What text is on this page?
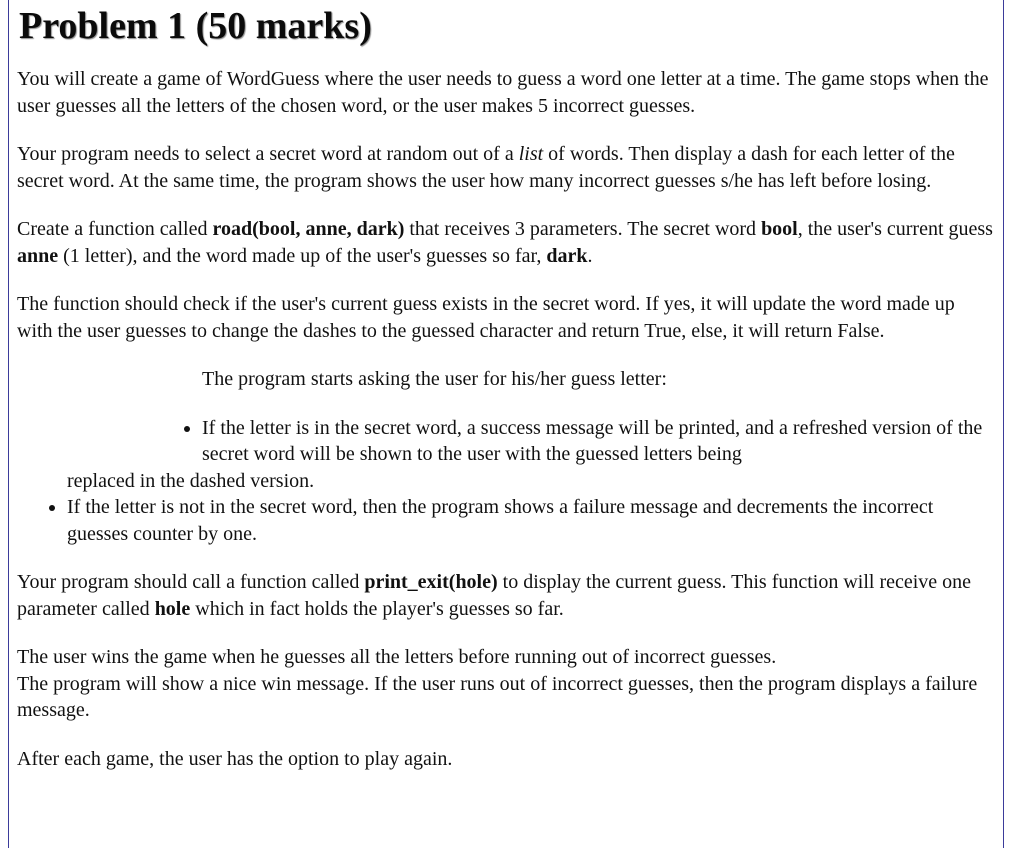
Problem 1 (50 marks)

You will create a game of WordGuess where the user needs to guess a word one letter at a time. The game stops when the user guesses all the letters of the chosen word, or the user makes 5 incorrect guesses.

Your program needs to select a secret word at random out of a list of words. Then display a dash for each letter of the secret word. At the same time, the program shows the user how many incorrect guesses s/he has left before losing.

Create a function called road(bool, anne, dark) that receives 3 parameters. The secret word bool, the user's current guess anne (1 letter), and the word made up of the user's guesses so far, dark.

The function should check if the user's current guess exists in the secret word. If yes, it will update the word made up with the user guesses to change the dashes to the guessed character and return True, else, it will return False.

The program starts asking the user for his/her guess letter:

• If the letter is in the secret word, a success message will be printed, and a refreshed version of the secret word will be shown to the user with the guessed letters being
replaced in the dashed version.
• If the letter is not in the secret word, then the program shows a failure message and decrements the incorrect guesses counter by one.

Your program should call a function called print_exit(hole) to display the current guess. This function will receive one parameter called hole which in fact holds the player's guesses so far.

The user wins the game when he guesses all the letters before running out of incorrect guesses.
The program will show a nice win message. If the user runs out of incorrect guesses, then the program displays a failure message.

After each game, the user has the option to play again.
